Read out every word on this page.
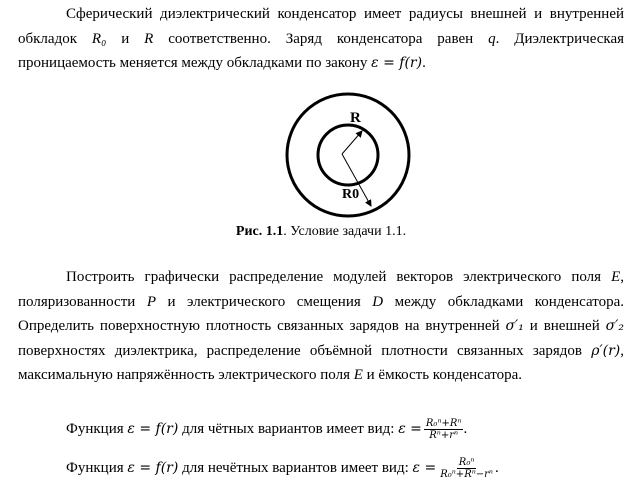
Сферический диэлектрический конденсатор имеет радиусы внешней и внутренней обкладок R₀ и R соответственно. Заряд конденсатора равен q. Диэлектрическая проницаемость меняется между обкладками по закону ε = f(r).
R
R0
Рис. 1.1. Условие задачи 1.1.
Построить графически распределение модулей векторов электрического поля E, поляризованности P и электрического смещения D между обкладками конденсатора. Определить поверхностную плотность связанных зарядов на внутренней σ′₁ и внешней σ′₂ поверхностях диэлектрика, распределение объёмной плотности связанных зарядов ρ′(r), максимальную напряжённость электрического поля E и ёмкость конденсатора.
Функция ε = f(r) для чётных вариантов имеет вид: $\varepsilon = \frac{\text{R₀ⁿ+Rⁿ}}{\text{Rⁿ+rⁿ}}$ .
Функция ε = f(r) для нечётных вариантов имеет вид: $\varepsilon = \frac{\text{R₀ⁿ}}{\text{R₀ⁿ+Rⁿ−rⁿ}}$ .
